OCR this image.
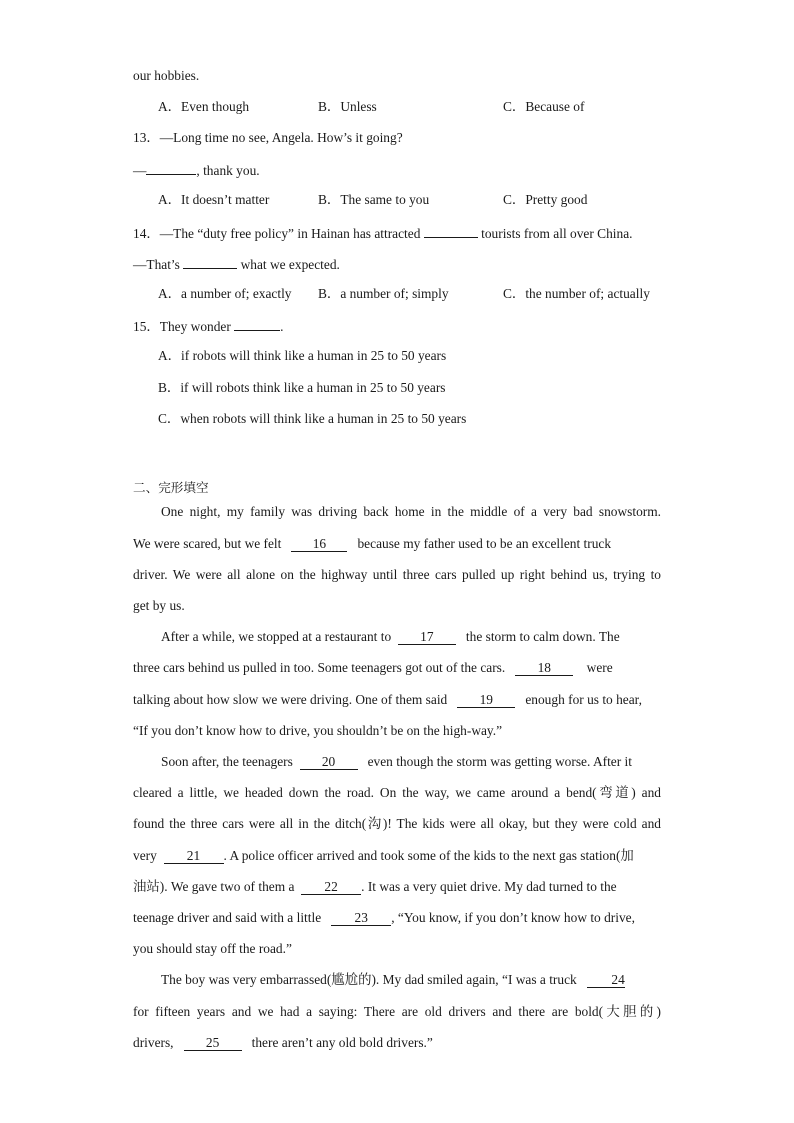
our hobbies.
A．Even though	B．Unless	C．Because of
13．—Long time no see, Angela. How’s it going?
—	, thank you.
A．It doesn’t matter	B．The same to you	C．Pretty good
14．—The “duty free policy” in Hainan has attracted	tourists from all over China.
—That’s	what we expected.
A．a number of; exactly B．a number of; simply	C．the number of; actually
15．They wonder	.
A．if robots will think like a human in 25 to 50 years
B．if will robots think like a human in 25 to 50 years
C．when robots will think like a human in 25 to 50 years
二、完形填空
One night, my family was driving back home in the middle of a very bad snowstorm.
We were scared, but we felt 16 because my father used to be an excellent truck
driver. We were all alone on the highway until three cars pulled up right behind us, trying to
get by us.
After a while, we stopped at a restaurant to 17 the storm to calm down. The
three cars behind us pulled in too. Some teenagers got out of the cars. 18	were
talking about how slow we were driving. One of them said 19 enough for us to hear,
“If you don’t know how to drive, you shouldn’t be on the high-way.”
Soon after, the teenagers 20 even though the storm was getting worse. After it
cleared a little, we headed down the road. On the way, we came around a bend(弯道) and
found the three cars were all in the ditch(沟)! The kids were all okay, but they were cold and
very 21 . A police officer arrived and took some of the kids to the next gas station(加
油站). We gave two of them a 22 . It was a very quiet drive. My dad turned to the
teenage driver and said with a little 23 , “You know, if you don’t know how to drive,
you should stay off the road.”
The boy was very embarrassed(尴尬的). My dad smiled again, “I was a truck	24
for fifteen years and we had a saying: There are old drivers and there are bold(大胆的)
drivers, 25 there aren’t any old bold drivers.”
